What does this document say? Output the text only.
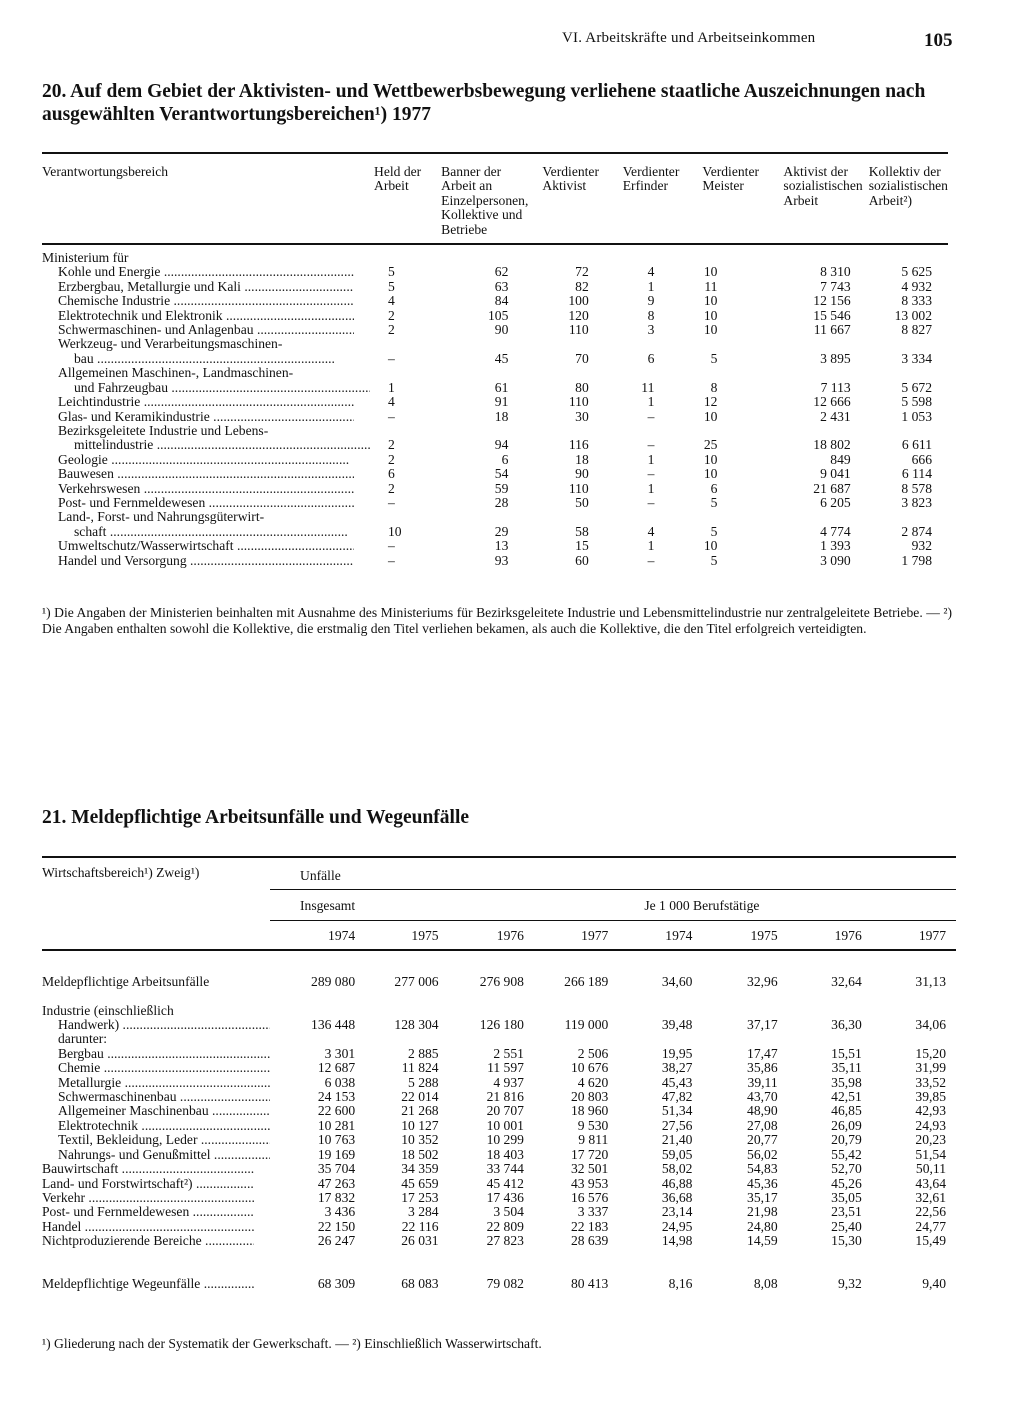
VI. Arbeitskräfte und Arbeitseinkommen	105
20. Auf dem Gebiet der Aktivisten- und Wettbewerbsbewegung verliehene staatliche Auszeichnungen nach ausgewählten Verantwortungsbereichen¹) 1977
Verantwortungsbereich	Held der Arbeit	Banner der Arbeit an Einzelpersonen, Kollektive und Betriebe	Verdienter Aktivist	Verdienter Erfinder	Verdienter Meister	Aktivist der sozialistischen Arbeit	Kollektiv der sozialistischen Arbeit²)
Ministerium für							

Kohle und Energie .....	5	62	72	4	10	8 310	5 625

Erzbergbau, Metallurgie und Kali .....	5	63	82	1	11	7 743	4 932

Chemische Industrie .....	4	84	100	9	10	12 156	8 333

Elektrotechnik und Elektronik .....	2	105	120	8	10	15 546	13 002

Schwermaschinen- und Anlagenbau .....	2	90	110	3	10	11 667	8 827
Werkzeug- und Verarbeitungsmaschinen-							

bau .....	–	45	70	6	5	3 895	3 334
Allgemeinen Maschinen-, Landmaschinen-							

und Fahrzeugbau .....	1	61	80	11	8	7 113	5 672

Leichtindustrie .....	4	91	110	1	12	12 666	5 598

Glas- und Keramikindustrie .....	–	18	30	–	10	2 431	1 053
Bezirksgeleitete Industrie und Lebens-							

mittelindustrie .....	2	94	116	–	25	18 802	6 611

Geologie .....	2	6	18	1	10	849	666

Bauwesen .....	6	54	90	–	10	9 041	6 114

Verkehrswesen .....	2	59	110	1	6	21 687	8 578

Post- und Fernmeldewesen .....	–	28	50	–	5	6 205	3 823
Land-, Forst- und Nahrungsgüterwirt-							

schaft .....	10	29	58	4	5	4 774	2 874

Umweltschutz/Wasserwirtschaft .....	–	13	15	1	10	1 393	932

Handel und Versorgung .....	–	93	60	–	5	3 090	1 798

¹) Die Angaben der Ministerien beinhalten mit Ausnahme des Ministeriums für Bezirksgeleitete Industrie und Lebensmittelindustrie nur zentralgeleitete Betriebe. — ²) Die Angaben enthalten sowohl die Kollektive, die erstmalig den Titel verliehen bekamen, als auch die Kollektive, die den Titel erfolgreich verteidigten.

21. Meldepflichtige Arbeitsunfälle und Wegeunfälle
Wirtschaftsbereich¹) Zweig¹)	Unfälle							
	Insgesamt				Je 1 000 Berufstätige			
	1974	1975	1976	1977	1974	1975	1976	1977

Meldepflichtige Arbeitsunfälle	289 080	277 006	276 908	266 189	34,60	32,96	32,64	31,13

Industrie (einschließlich								

Handwerk) .....	136 448	128 304	126 180	119 000	39,48	37,17	36,30	34,06
darunter:								

Bergbau .....	3 301	2 885	2 551	2 506	19,95	17,47	15,51	15,20

Chemie .....	12 687	11 824	11 597	10 676	38,27	35,86	35,11	31,99

Metallurgie .....	6 038	5 288	4 937	4 620	45,43	39,11	35,98	33,52

Schwermaschinenbau .....	24 153	22 014	21 816	20 803	47,82	43,70	42,51	39,85

Allgemeiner Maschinenbau .....	22 600	21 268	20 707	18 960	51,34	48,90	46,85	42,93

Elektrotechnik .....	10 281	10 127	10 001	9 530	27,56	27,08	26,09	24,93

Textil, Bekleidung, Leder .....	10 763	10 352	10 299	9 811	21,40	20,77	20,79	20,23

Nahrungs- und Genußmittel .....	19 169	18 502	18 403	17 720	59,05	56,02	55,42	51,54

Bauwirtschaft .....	35 704	34 359	33 744	32 501	58,02	54,83	52,70	50,11

Land- und Forstwirtschaft²) .....	47 263	45 659	45 412	43 953	46,88	45,36	45,26	43,64

Verkehr .....	17 832	17 253	17 436	16 576	36,68	35,17	35,05	32,61

Post- und Fernmeldewesen .....	3 436	3 284	3 504	3 337	23,14	21,98	23,51	22,56

Handel .....	22 150	22 116	22 809	22 183	24,95	24,80	25,40	24,77

Nichtproduzierende Bereiche .....	26 247	26 031	27 823	28 639	14,98	14,59	15,30	15,49

Meldepflichtige Wegeunfälle .....	68 309	68 083	79 082	80 413	8,16	8,08	9,32	9,40

¹) Gliederung nach der Systematik der Gewerkschaft. — ²) Einschließlich Wasserwirtschaft.
